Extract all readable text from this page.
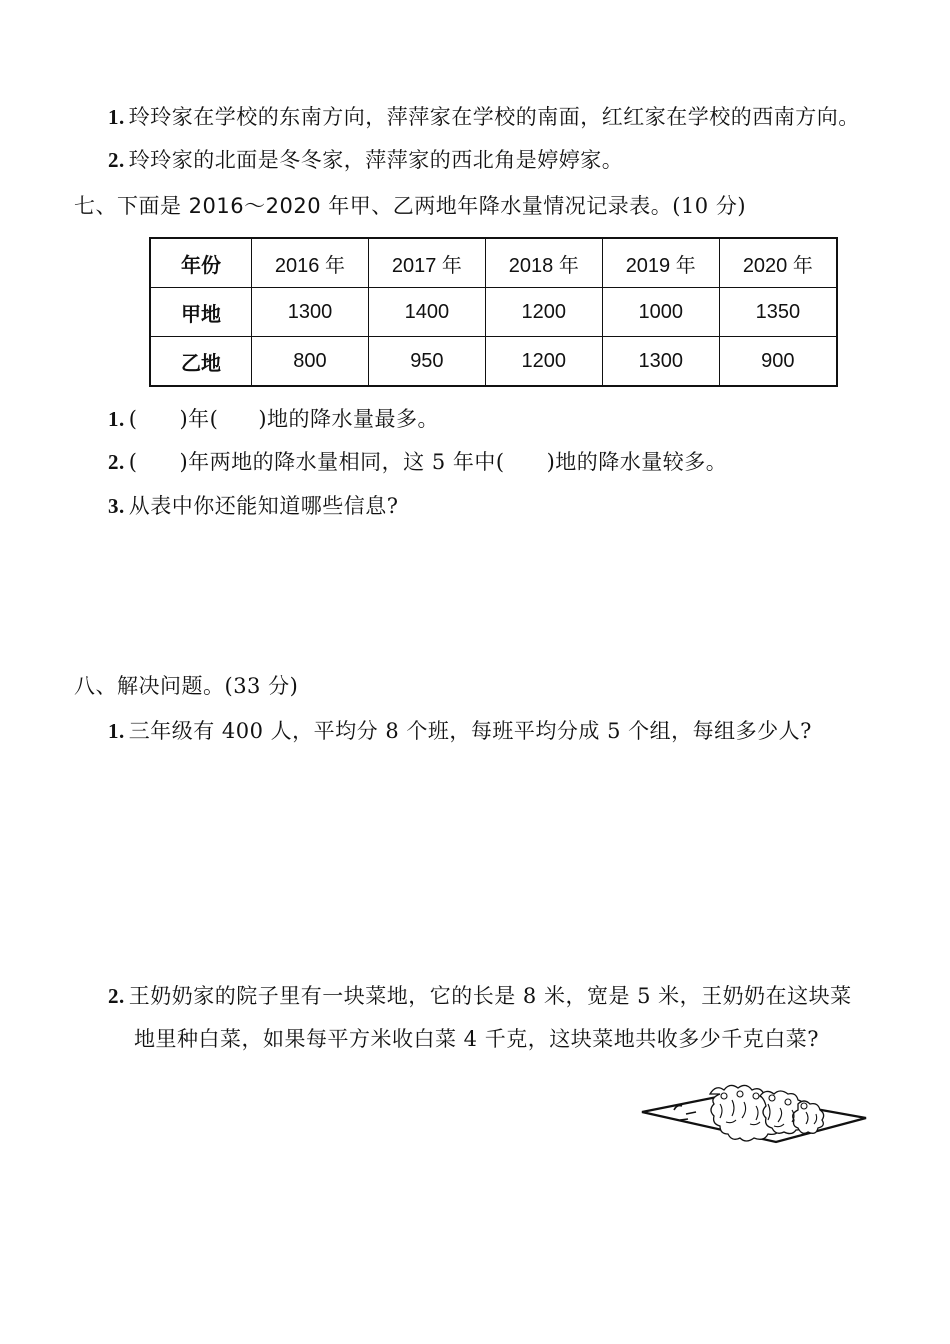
1. 玲玲家在学校的东南方向，萍萍家在学校的南面，红红家在学校的西南方向。
2. 玲玲家的北面是冬冬家，萍萍家的西北角是婷婷家。
七、下面是 2016～2020 年甲、乙两地年降水量情况记录表。(10 分)
年份	2016 年	2017 年	2018 年	2019 年	2020 年
甲地	1300	1400	1200	1000	1350
乙地	800	950	1200	1300	900
1. ( )年( )地的降水量最多。
2. ( )年两地的降水量相同，这 5 年中( )地的降水量较多。
3. 从表中你还能知道哪些信息?
八、解决问题。(33 分)
1. 三年级有 400 人，平均分 8 个班，每班平均分成 5 个组，每组多少人?
2. 王奶奶家的院子里有一块菜地，它的长是 8 米，宽是 5 米，王奶奶在这块菜
地里种白菜，如果每平方米收白菜 4 千克，这块菜地共收多少千克白菜?
